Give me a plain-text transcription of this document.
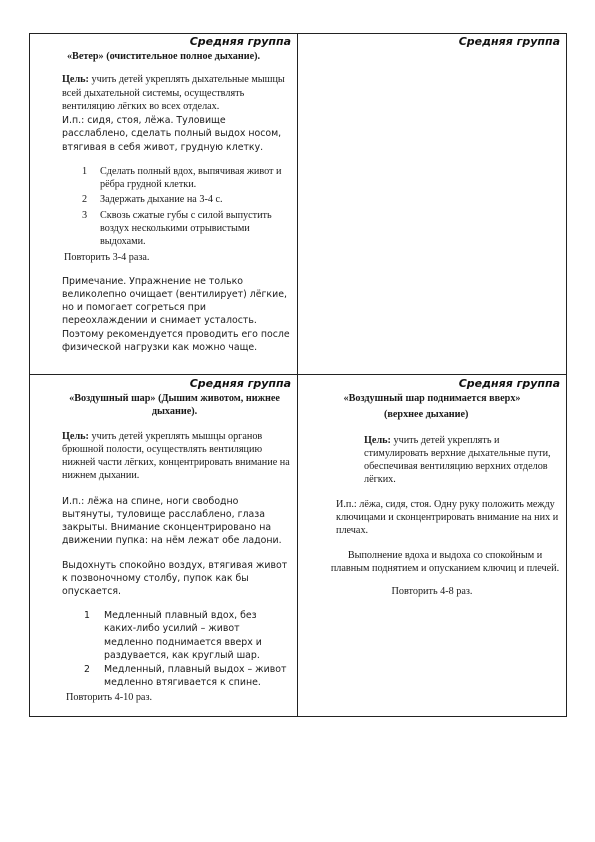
Средняя группа

«Ветер» (очистительное полное дыхание).

Цель: учить детей укреплять дыхательные мышцы всей дыхательной системы, осуществлять вентиляцию лёгких во всех отделах.

И.п.: сидя, стоя, лёжа. Туловище расслаблено, сделать полный выдох носом, втягивая в себя живот, грудную клетку.

1 Сделать полный вдох, выпячивая живот и рёбра грудной клетки.
2 Задержать дыхание на 3-4 с.
3 Сквозь сжатые губы с силой выпустить воздух несколькими отрывистыми выдохами.

Повторить 3-4 раза.

Примечание. Упражнение не только великолепно очищает (вентилирует) лёгкие, но и помогает согреться при переохлаждении и снимает усталость. Поэтому рекомендуется проводить его после физической нагрузки как можно чаще.

Средняя группа
Средняя группа

«Воздушный шар» (Дышим животом, нижнее дыхание).

Цель: учить детей укреплять мышцы органов брюшной полости, осуществлять вентиляцию нижней части лёгких, концентрировать внимание на нижнем дыхании.

И.п.: лёжа на спине, ноги свободно вытянуты, туловище расслаблено, глаза закрыты. Внимание сконцентрировано на движении пупка: на нём лежат обе ладони.

Выдохнуть спокойно воздух, втягивая живот к позвоночному столбу, пупок как бы опускается.

1 Медленный плавный вдох, без каких-либо усилий – живот медленно поднимается вверх и раздувается, как круглый шар.
2 Медленный, плавный выдох – живот медленно втягивается к спине.

Повторить 4-10 раз.

Средняя группа

«Воздушный шар поднимается вверх»

(верхнее дыхание)

Цель: учить детей укреплять и стимулировать верхние дыхательные пути, обеспечивая вентиляцию верхних отделов лёгких.

И.п.: лёжа, сидя, стоя. Одну руку положить между ключицами и сконцентрировать внимание на них и плечах.

Выполнение вдоха и выдоха со спокойным и плавным поднятием и опусканием ключиц и плечей.

Повторить 4-8 раз.
